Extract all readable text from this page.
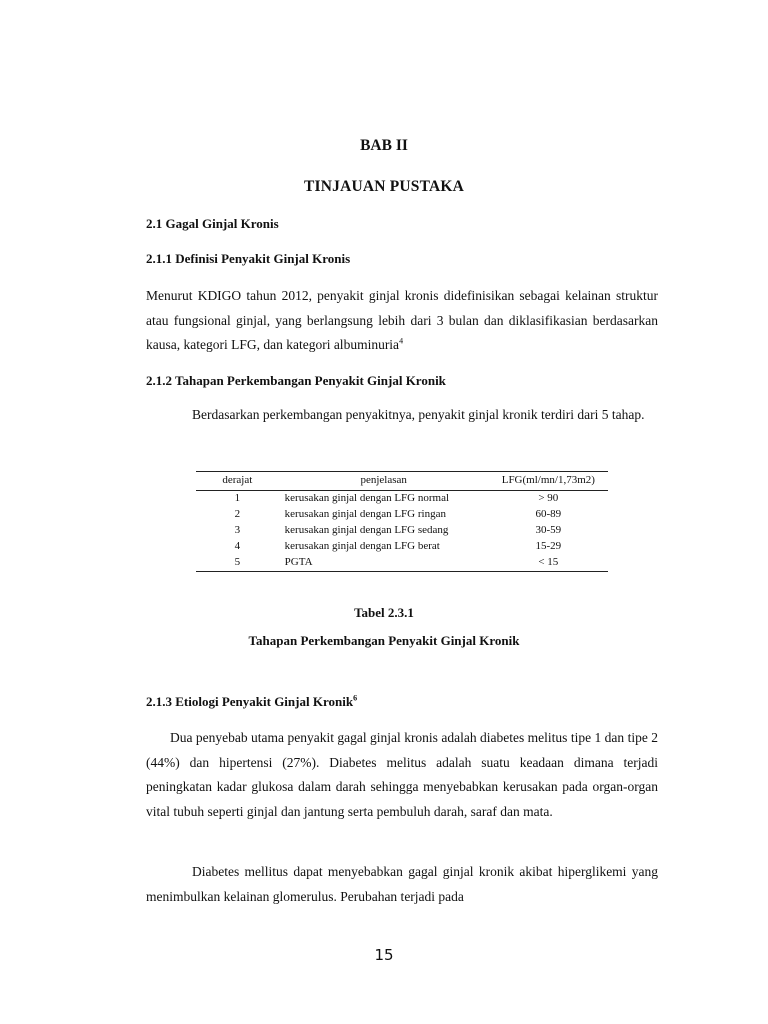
BAB II

TINJAUAN PUSTAKA

2.1 Gagal Ginjal Kronis

2.1.1 Definisi Penyakit Ginjal Kronis

Menurut KDIGO tahun 2012, penyakit ginjal kronis didefinisikan sebagai kelainan struktur atau fungsional ginjal, yang berlangsung lebih dari 3 bulan dan diklasifikasian berdasarkan kausa, kategori LFG, dan kategori albuminuria$^4$

2.1.2 Tahapan Perkembangan Penyakit Ginjal Kronik

Berdasarkan perkembangan penyakitnya, penyakit ginjal kronik terdiri dari 5 tahap.

derajat	penjelasan	LFG(ml/mn/1,73m2)
1	kerusakan ginjal dengan LFG normal	> 90
2	kerusakan ginjal dengan LFG ringan	60-89
3	kerusakan ginjal dengan LFG sedang	30-59
4	kerusakan ginjal dengan LFG berat	15-29
5	PGTA	< 15

Tabel 2.3.1

Tahapan Perkembangan Penyakit Ginjal Kronik

2.1.3 Etiologi Penyakit Ginjal Kronik$^6$

Dua penyebab utama penyakit gagal ginjal kronis adalah diabetes melitus tipe 1 dan tipe 2 (44%) dan hipertensi (27%). Diabetes melitus adalah suatu keadaan dimana terjadi peningkatan kadar glukosa dalam darah sehingga menyebabkan kerusakan pada organ-organ vital tubuh seperti ginjal dan jantung serta pembuluh darah, saraf dan mata.

Diabetes mellitus dapat menyebabkan gagal ginjal kronik akibat hiperglikemi yang menimbulkan kelainan glomerulus. Perubahan terjadi pada

15
